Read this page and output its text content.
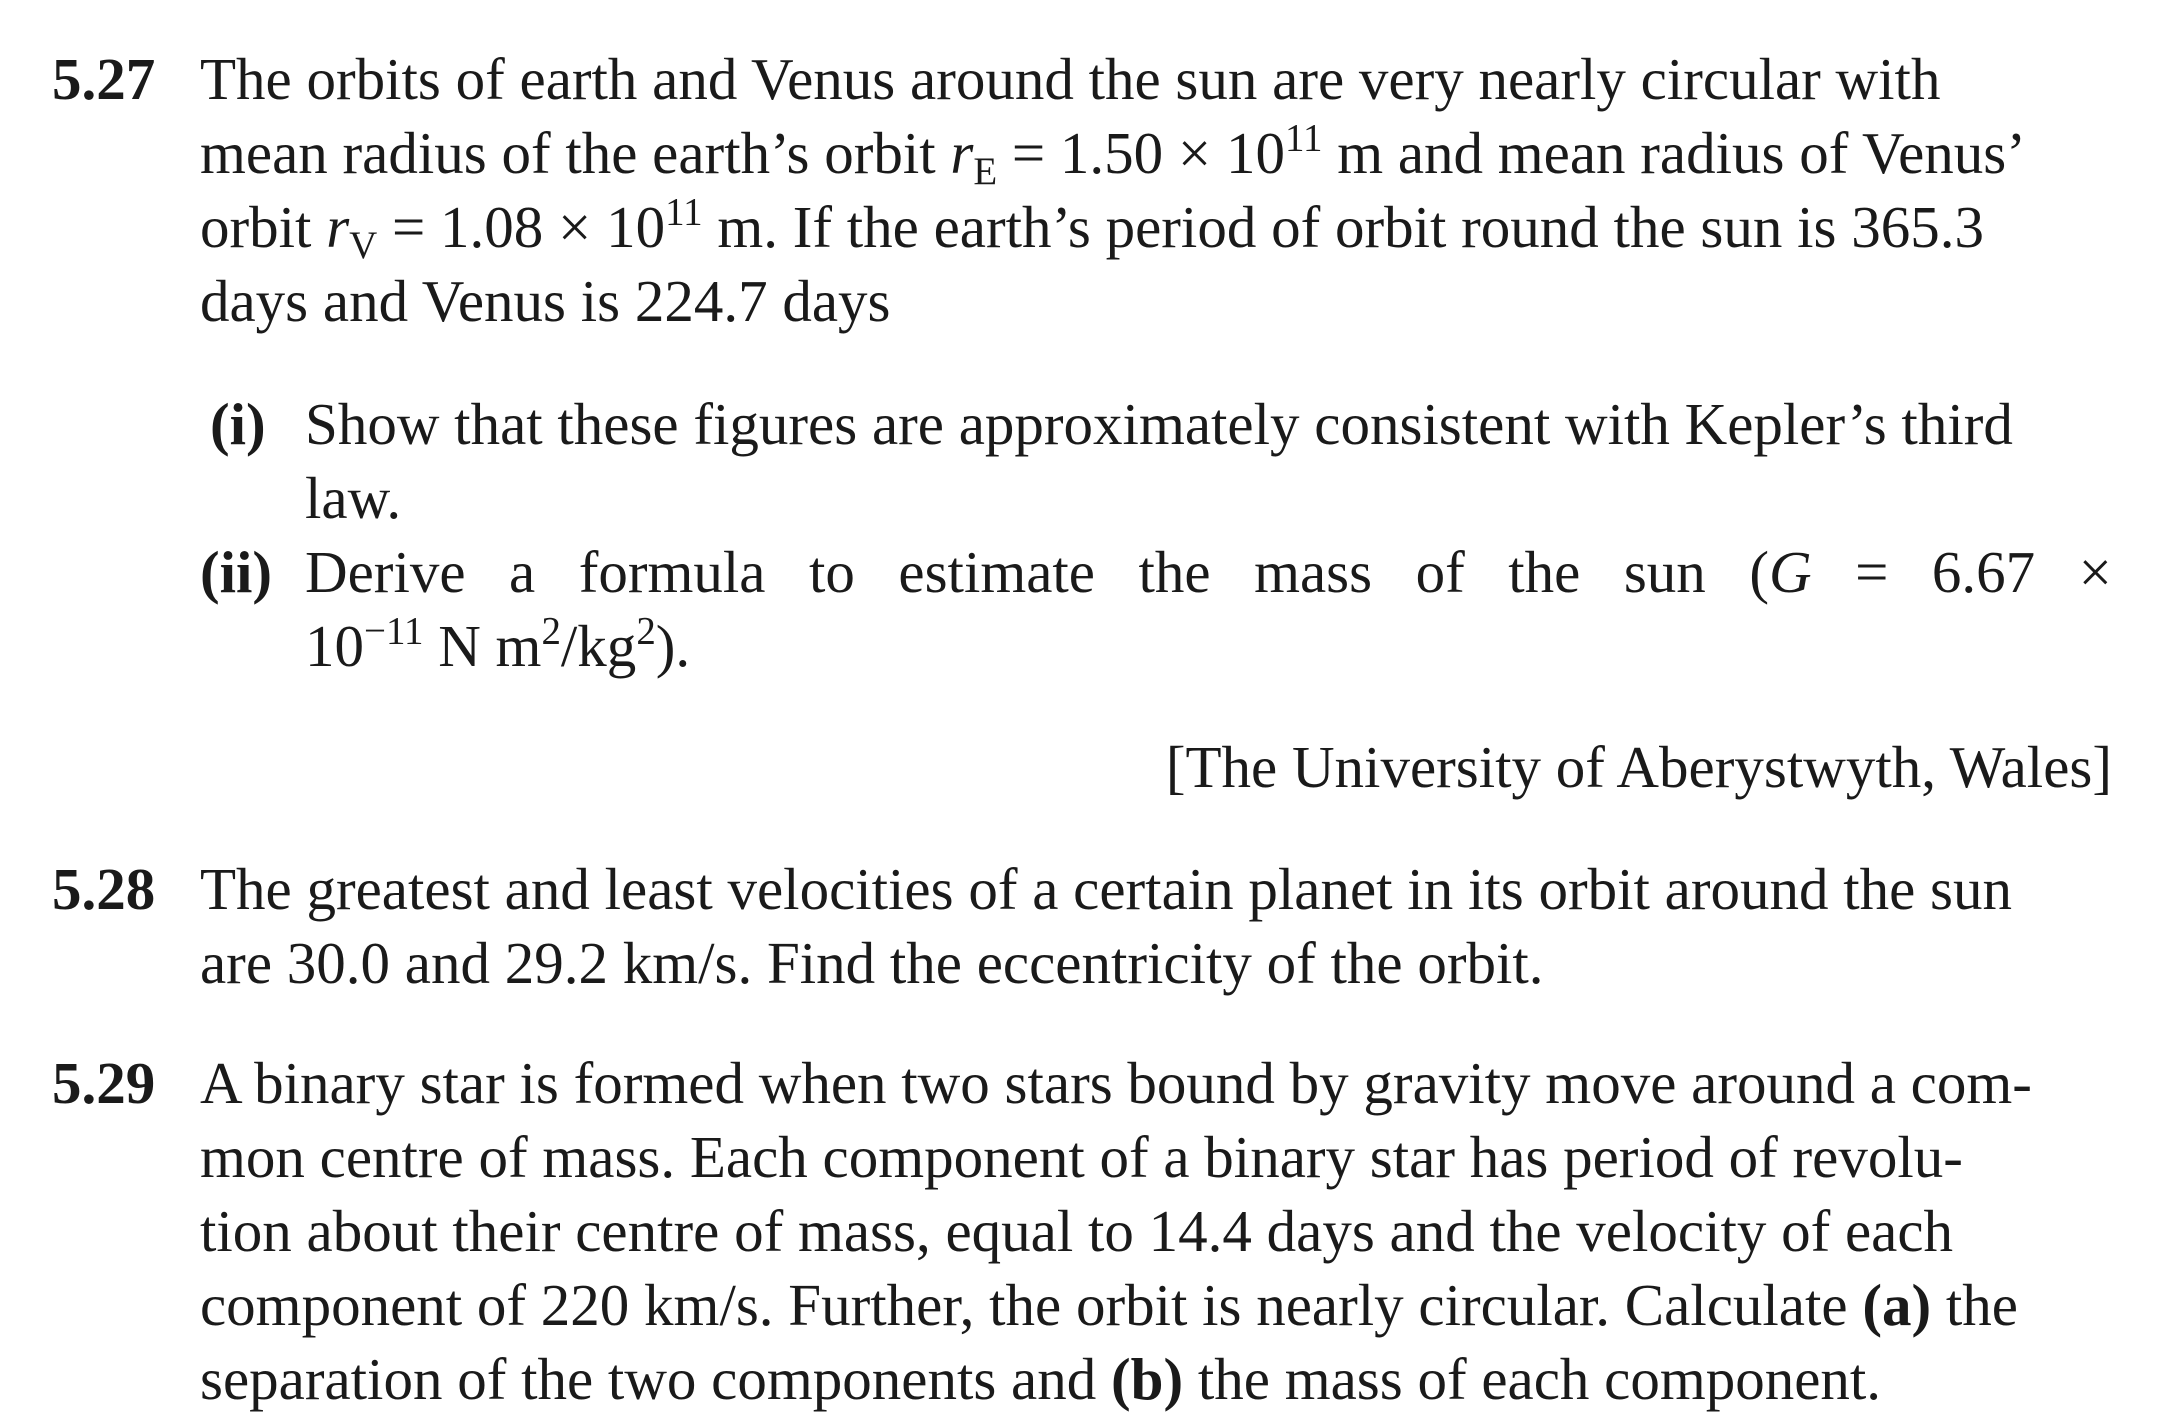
5.27 The orbits of earth and Venus around the sun are very nearly circular with
mean radius of the earth’s orbit $r_E = 1.50 \times 10^{11}$ m and mean radius of Venus’
orbit $r_V = 1.08 \times 10^{11}$ m. If the earth’s period of orbit round the sun is 365.3
days and Venus is 224.7 days
(i) Show that these figures are approximately consistent with Kepler’s third
law.
(ii) Derive a formula to estimate the mass of the sun (G = 6.67 ×
$10^{-11}$ N $m^2/kg^2$).
[The University of Aberystwyth, Wales]
5.28 The greatest and least velocities of a certain planet in its orbit around the sun
are 30.0 and 29.2 km/s. Find the eccentricity of the orbit.
5.29 A binary star is formed when two stars bound by gravity move around a com-
mon centre of mass. Each component of a binary star has period of revolu-
tion about their centre of mass, equal to 14.4 days and the velocity of each
component of 220 km/s. Further, the orbit is nearly circular. Calculate (a) the
separation of the two components and (b) the mass of each component.
